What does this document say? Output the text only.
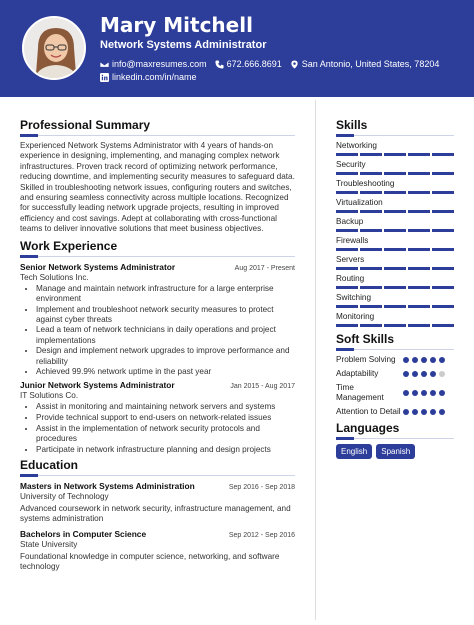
Mary Mitchell
Network Systems Administrator
info@maxresumes.com 672.666.8691 San Antonio, United States, 78204
linkedin.com/in/name
Professional Summary
Experienced Network Systems Administrator with 4 years of hands-on experience in designing, implementing, and managing complex network infrastructures. Proven track record of optimizing network performance, reducing downtime, and implementing security measures to safeguard data. Skilled in troubleshooting network issues, configuring routers and switches, and ensuring seamless connectivity across multiple locations. Recognized for successfully leading network upgrade projects, resulting in improved efficiency and cost savings. Adept at collaborating with cross-functional teams to deliver innovative solutions that meet business objectives.
Work Experience
Senior Network Systems Administrator	Aug 2017 - Present
Tech Solutions Inc.
• Manage and maintain network infrastructure for a large enterprise environment
• Implement and troubleshoot network security measures to protect against cyber threats
• Lead a team of network technicians in daily operations and project implementations
• Design and implement network upgrades to improve performance and reliability
• Achieved 99.9% network uptime in the past year
Junior Network Systems Administrator	Jan 2015 - Aug 2017
IT Solutions Co.
• Assist in monitoring and maintaining network servers and systems
• Provide technical support to end-users on network-related issues
• Assist in the implementation of network security protocols and procedures
• Participate in network infrastructure planning and design projects
Education
Masters in Network Systems Administration	Sep 2016 - Sep 2018
University of Technology
Advanced coursework in network security, infrastructure management, and systems administration
Bachelors in Computer Science	Sep 2012 - Sep 2016
State University
Foundational knowledge in computer science, networking, and software technology
Skills
Networking
Security
Troubleshooting
Virtualization
Backup
Firewalls
Servers
Routing
Switching
Monitoring
Soft Skills
Problem Solving
Adaptability
Time Management
Attention to Detail
Languages
English	Spanish
